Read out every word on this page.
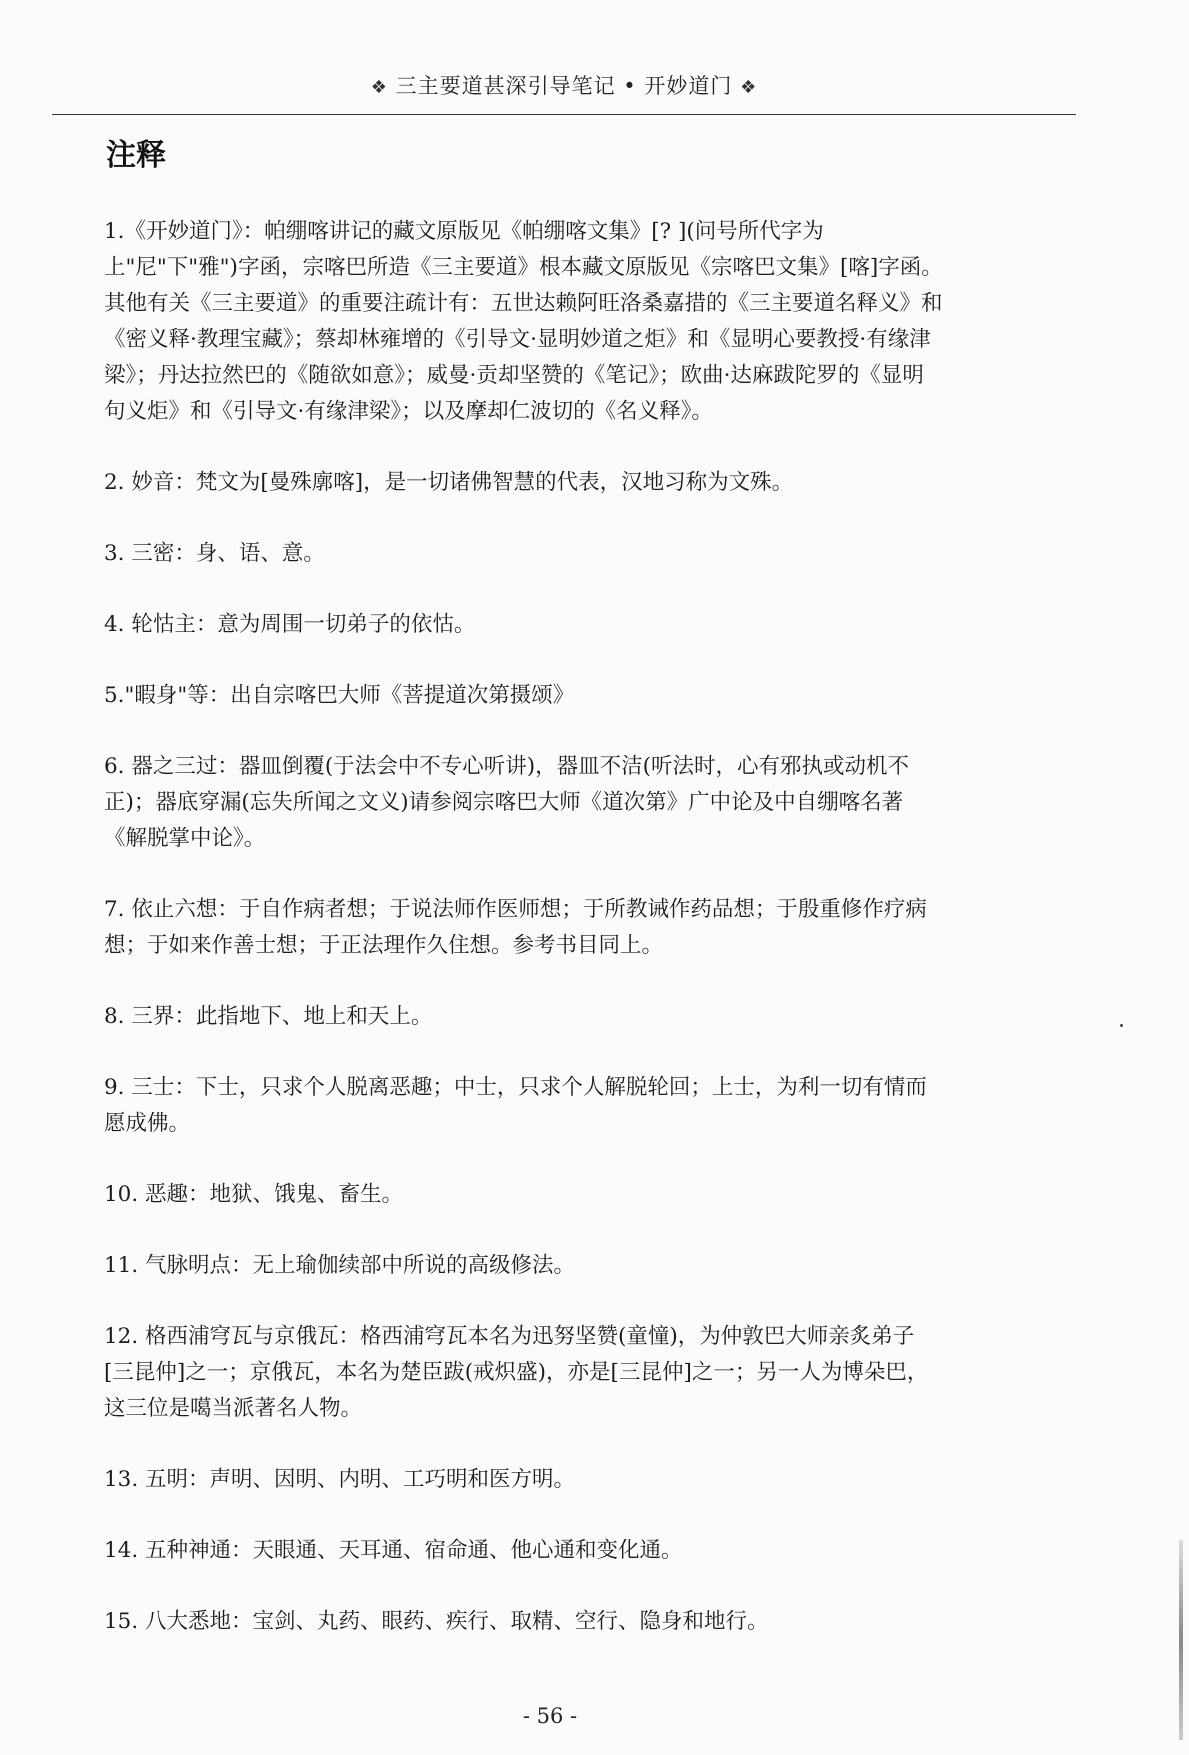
❖ 三主要道甚深引导笔记 • 开妙道门 ❖
注释
1.《开妙道门》：帕绷喀讲记的藏文原版见《帕绷喀文集》[? ](问号所代字为上"尼"下"雅")字函，宗喀巴所造《三主要道》根本藏文原版见《宗喀巴文集》[喀]字函。其他有关《三主要道》的重要注疏计有：五世达赖阿旺洛桑嘉措的《三主要道名释义》和《密义释·教理宝藏》；蔡却林雍增的《引导文·显明妙道之炬》和《显明心要教授·有缘津梁》；丹达拉然巴的《随欲如意》；威曼·贡却坚赞的《笔记》；欧曲·达麻跋陀罗的《显明句义炬》和《引导文·有缘津梁》；以及摩却仁波切的《名义释》。
2. 妙音：梵文为[曼殊廓喀]，是一切诸佛智慧的代表，汉地习称为文殊。
3. 三密：身、语、意。
4. 轮怙主：意为周围一切弟子的依怙。
5."暇身"等：出自宗喀巴大师《菩提道次第摄颂》
6. 器之三过：器皿倒覆(于法会中不专心听讲)，器皿不洁(听法时，心有邪执或动机不正)；器底穿漏(忘失所闻之文义)请参阅宗喀巴大师《道次第》广中论及中自绷喀名著《解脱掌中论》。
7. 依止六想：于自作病者想；于说法师作医师想；于所教诫作药品想；于殷重修作疗病想；于如来作善士想；于正法理作久住想。参考书目同上。
8. 三界：此指地下、地上和天上。
9. 三士：下士，只求个人脱离恶趣；中士，只求个人解脱轮回；上士，为利一切有情而愿成佛。
10. 恶趣：地狱、饿鬼、畜生。
11. 气脉明点：无上瑜伽续部中所说的高级修法。
12. 格西浦穹瓦与京俄瓦：格西浦穹瓦本名为迅努坚赞(童憧)，为仲敦巴大师亲炙弟子[三昆仲]之一；京俄瓦，本名为楚臣跋(戒炽盛)，亦是[三昆仲]之一；另一人为博朵巴，这三位是噶当派著名人物。
13. 五明：声明、因明、内明、工巧明和医方明。
14. 五种神通：天眼通、天耳通、宿命通、他心通和变化通。
15. 八大悉地：宝剑、丸药、眼药、疾行、取精、空行、隐身和地行。
- 56 -
